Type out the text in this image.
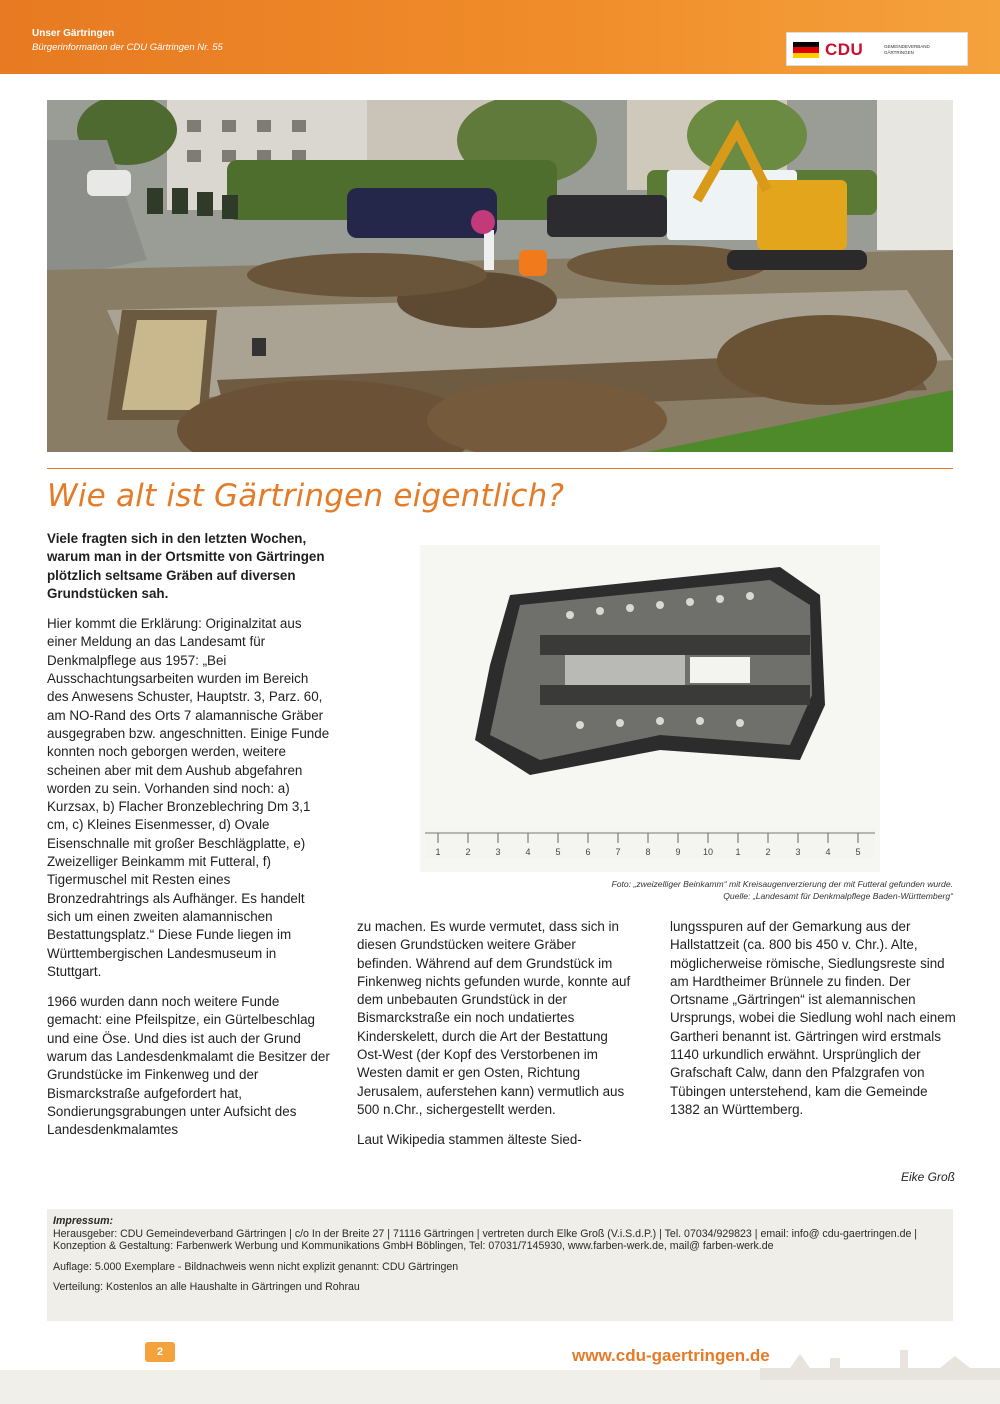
Unser Gärtringen
Bürgerinformation der CDU Gärtringen Nr. 55	CDU	GEMEINDEVERBAND GÄRTRINGEN
Wie alt ist Gärtringen eigentlich?

Viele fragten sich in den letzten Wochen, warum man in der Ortsmitte von Gärtringen plötzlich seltsame Gräben auf diversen Grundstücken sah.

Hier kommt die Erklärung: Originalzitat aus einer Meldung an das Landesamt für Denkmalpflege aus 1957: „Bei Ausschachtungsarbeiten wurden im Bereich des Anwesens Schuster, Hauptstr. 3, Parz. 60, am NO-Rand des Orts 7 alamannische Gräber ausgegraben bzw. angeschnitten. Einige Funde konnten noch geborgen werden, weitere scheinen aber mit dem Aushub abgefahren worden zu sein. Vorhanden sind noch: a) Kurzsax, b) Flacher Bronzeblechring Dm 3,1 cm, c) Kleines Eisenmesser, d) Ovale Eisenschnalle mit großer Beschlägplatte, e) Zweizelliger Beinkamm mit Futteral, f) Tigermuschel mit Resten eines Bronzedrahtrings als Aufhänger. Es handelt sich um einen zweiten alamannischen Bestattungsplatz.“ Diese Funde liegen im Württembergischen Landesmuseum in Stuttgart.

1966 wurden dann noch weitere Funde gemacht: eine Pfeilspitze, ein Gürtelbeschlag und eine Öse. Und dies ist auch der Grund warum das Landesdenkmalamt die Besitzer der Grundstücke im Finkenweg und der Bismarckstraße aufgefordert hat, Sondierungsgrabungen unter Aufsicht des Landesdenkmalamtes

1	2	3	4	5	6	7	8	9 10 1	2	3	4	5
Foto: „zweizelliger Beinkamm“ mit Kreisaugenverzierung der mit Futteral gefunden wurde.
Quelle: „Landesamt für Denkmalpflege Baden-Württemberg“

zu machen. Es wurde vermutet, dass sich in diesen Grundstücken weitere Gräber befinden. Während auf dem Grundstück im Finkenweg nichts gefunden wurde, konnte auf dem unbebauten Grundstück in der Bismarckstraße ein noch undatiertes Kinderskelett, durch die Art der Bestattung Ost-West (der Kopf des Verstorbenen im Westen damit er gen Osten, Richtung Jerusalem, auferstehen kann) vermutlich aus 500 n.Chr., sichergestellt werden.

Laut Wikipedia stammen älteste Sied-

lungsspuren auf der Gemarkung aus der Hallstattzeit (ca. 800 bis 450 v. Chr.). Alte, möglicherweise römische, Siedlungsreste sind am Hardtheimer Brünnele zu finden. Der Ortsname „Gärtringen“ ist alemannischen Ursprungs, wobei die Siedlung wohl nach einem Gartheri benannt ist. Gärtringen wird erstmals 1140 urkundlich erwähnt. Ursprünglich der Grafschaft Calw, dann den Pfalzgrafen von Tübingen unterstehend, kam die Gemeinde 1382 an Württemberg.

Eike Groß
Impressum:
Herausgeber: CDU Gemeindeverband Gärtringen | c/o In der Breite 27 | 71116 Gärtringen | vertreten durch Elke Groß (V.i.S.d.P.) | Tel. 07034/929823 | email: info@ cdu-gaertringen.de | Konzeption & Gestaltung: Farbenwerk Werbung und Kommunikations GmbH Böblingen, Tel: 07031/7145930, www.farben-werk.de, mail@ farben-werk.de
Auflage: 5.000 Exemplare - Bildnachweis wenn nicht explizit genannt: CDU Gärtringen
Verteilung: Kostenlos an alle Haushalte in Gärtringen und Rohrau
2	www.cdu-gaertringen.de
